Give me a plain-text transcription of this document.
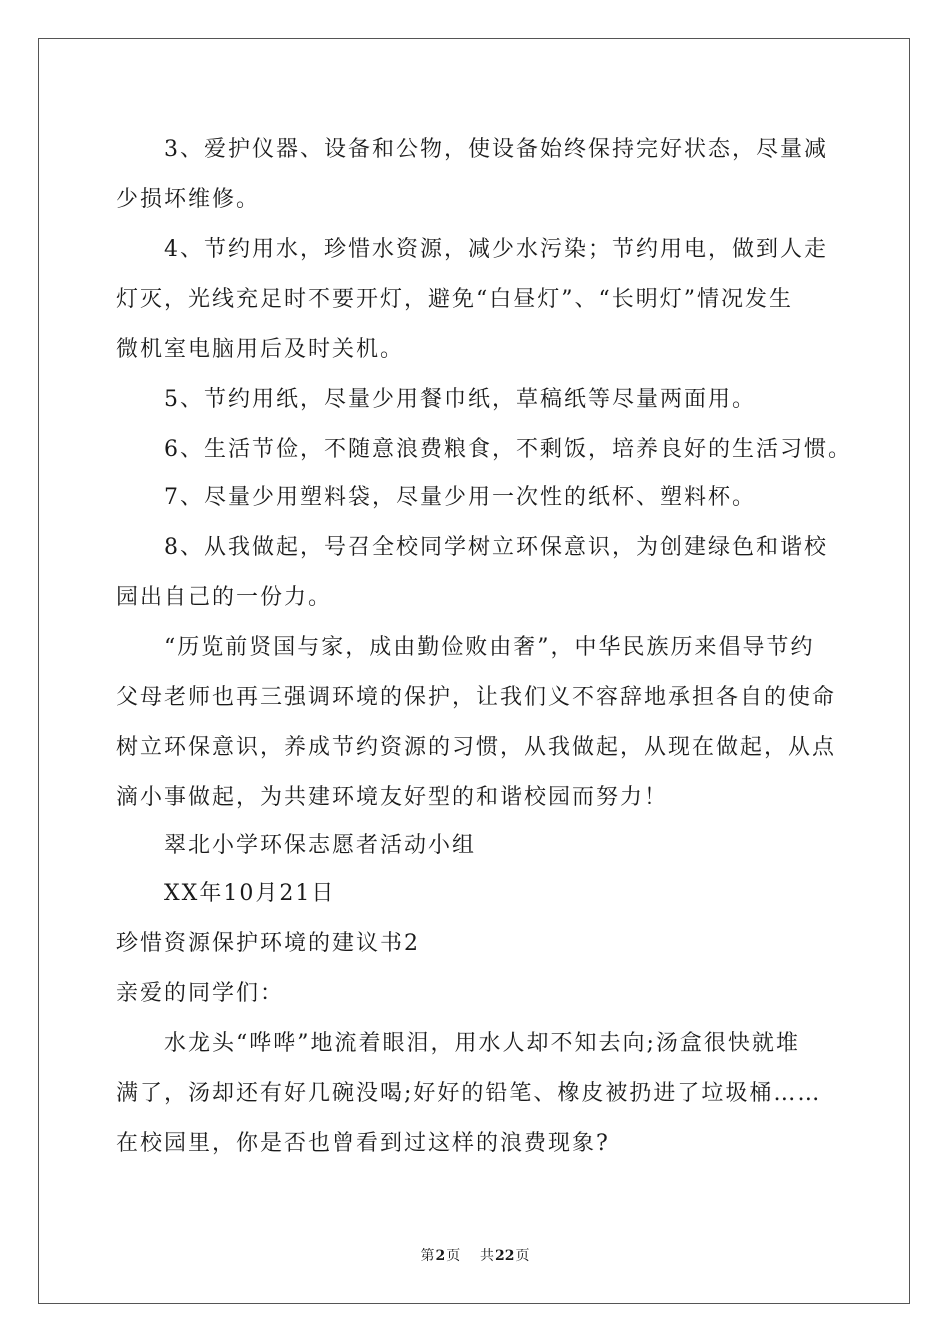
3、爱护仪器、设备和公物，使设备始终保持完好状态，尽量减
少损坏维修。
4、节约用水，珍惜水资源，减少水污染；节约用电，做到人走
灯灭，光线充足时不要开灯，避免“白昼灯”、“长明灯”情况发生
微机室电脑用后及时关机。
5、节约用纸，尽量少用餐巾纸，草稿纸等尽量两面用。
6、生活节俭，不随意浪费粮食，不剩饭，培养良好的生活习惯。
7、尽量少用塑料袋，尽量少用一次性的纸杯、塑料杯。
8、从我做起，号召全校同学树立环保意识，为创建绿色和谐校
园出自己的一份力。
“历览前贤国与家，成由勤俭败由奢”，中华民族历来倡导节约
父母老师也再三强调环境的保护，让我们义不容辞地承担各自的使命
树立环保意识，养成节约资源的习惯，从我做起，从现在做起，从点
滴小事做起，为共建环境友好型的和谐校园而努力！
翠北小学环保志愿者活动小组
XX年10月21日
珍惜资源保护环境的建议书2
亲爱的同学们：
水龙头“哗哗”地流着眼泪，用水人却不知去向;汤盒很快就堆
满了，汤却还有好几碗没喝;好好的铅笔、橡皮被扔进了垃圾桶……
在校园里，你是否也曾看到过这样的浪费现象?
第2页 共22页
